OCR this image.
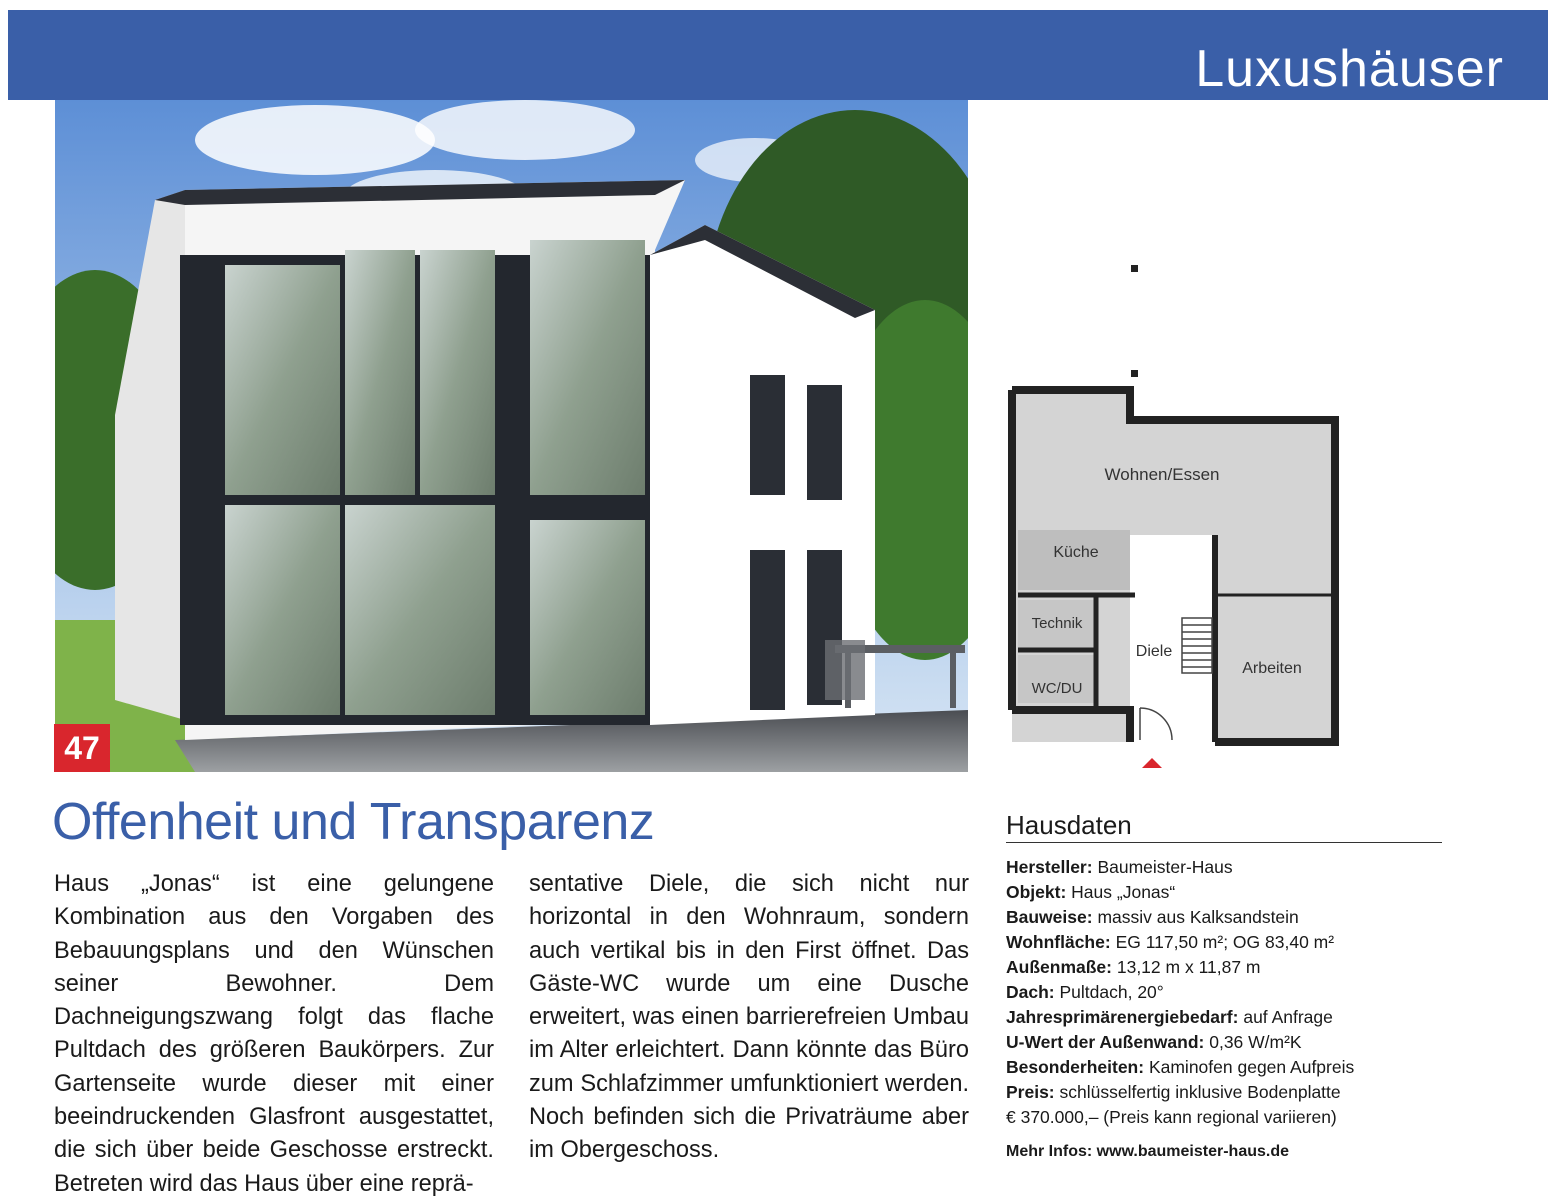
Luxushäuser
47
Wohnen/Essen
Küche
Technik
Diele
WC/DU
Arbeiten
Offenheit und Transparenz
Haus „Jonas“ ist eine gelungene Kombination aus den Vorgaben des Bebauungsplans und den Wünschen seiner Bewohner. Dem Dachneigungszwang folgt das flache Pultdach des größeren Baukörpers. Zur Gartenseite wurde dieser mit einer beeindruckenden Glasfront ausgestattet, die sich über beide Geschosse erstreckt. Betreten wird das Haus über eine reprä-
sentative Diele, die sich nicht nur horizontal in den Wohnraum, sondern auch vertikal bis in den First öffnet. Das Gäste-WC wurde um eine Dusche erweitert, was einen barrierefreien Umbau im Alter erleichtert. Dann könnte das Büro zum Schlafzimmer umfunktioniert werden. Noch befinden sich die Privaträume aber im Obergeschoss.
Hausdaten
Hersteller: Baumeister-Haus
Objekt: Haus „Jonas“
Bauweise: massiv aus Kalksandstein
Wohnfläche: EG 117,50 m²; OG 83,40 m²
Außenmaße: 13,12 m x 11,87 m
Dach: Pultdach, 20°
Jahresprimärenergiebedarf: auf Anfrage
U-Wert der Außenwand: 0,36 W/m²K
Besonderheiten: Kaminofen gegen Aufpreis
Preis: schlüsselfertig inklusive Bodenplatte
€ 370.000,– (Preis kann regional variieren)
Mehr Infos: www.baumeister-haus.de
